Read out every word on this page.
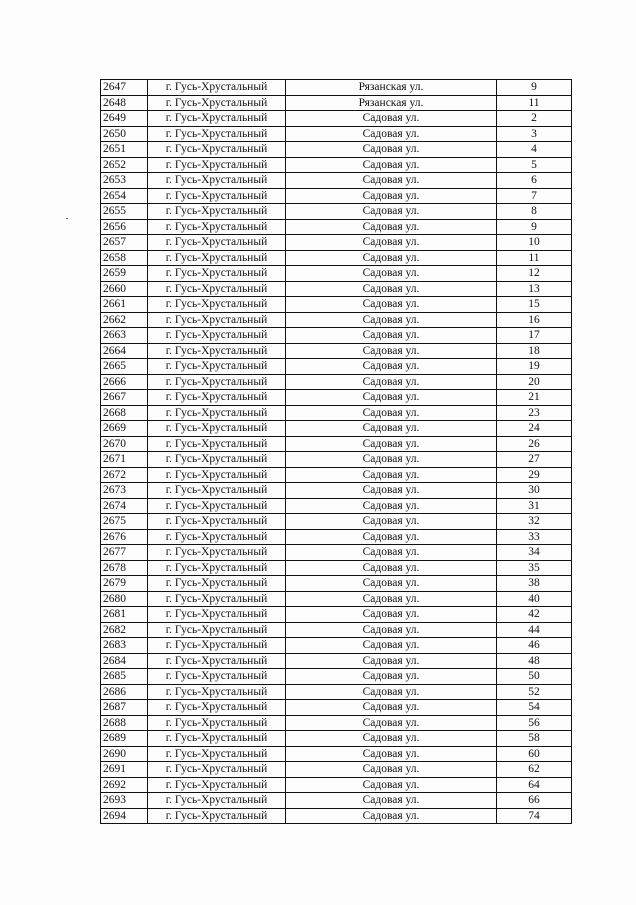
2647	г. Гусь-Хрустальный	Рязанская ул.	9
2648	г. Гусь-Хрустальный	Рязанская ул.	11
2649	г. Гусь-Хрустальный	Садовая ул.	2
2650	г. Гусь-Хрустальный	Садовая ул.	3
2651	г. Гусь-Хрустальный	Садовая ул.	4
2652	г. Гусь-Хрустальный	Садовая ул.	5
2653	г. Гусь-Хрустальный	Садовая ул.	6
2654	г. Гусь-Хрустальный	Садовая ул.	7
2655	г. Гусь-Хрустальный	Садовая ул.	8
2656	г. Гусь-Хрустальный	Садовая ул.	9
2657	г. Гусь-Хрустальный	Садовая ул.	10
2658	г. Гусь-Хрустальный	Садовая ул.	11
2659	г. Гусь-Хрустальный	Садовая ул.	12
2660	г. Гусь-Хрустальный	Садовая ул.	13
2661	г. Гусь-Хрустальный	Садовая ул.	15
2662	г. Гусь-Хрустальный	Садовая ул.	16
2663	г. Гусь-Хрустальный	Садовая ул.	17
2664	г. Гусь-Хрустальный	Садовая ул.	18
2665	г. Гусь-Хрустальный	Садовая ул.	19
2666	г. Гусь-Хрустальный	Садовая ул.	20
2667	г. Гусь-Хрустальный	Садовая ул.	21
2668	г. Гусь-Хрустальный	Садовая ул.	23
2669	г. Гусь-Хрустальный	Садовая ул.	24
2670	г. Гусь-Хрустальный	Садовая ул.	26
2671	г. Гусь-Хрустальный	Садовая ул.	27
2672	г. Гусь-Хрустальный	Садовая ул.	29
2673	г. Гусь-Хрустальный	Садовая ул.	30
2674	г. Гусь-Хрустальный	Садовая ул.	31
2675	г. Гусь-Хрустальный	Садовая ул.	32
2676	г. Гусь-Хрустальный	Садовая ул.	33
2677	г. Гусь-Хрустальный	Садовая ул.	34
2678	г. Гусь-Хрустальный	Садовая ул.	35
2679	г. Гусь-Хрустальный	Садовая ул.	38
2680	г. Гусь-Хрустальный	Садовая ул.	40
2681	г. Гусь-Хрустальный	Садовая ул.	42
2682	г. Гусь-Хрустальный	Садовая ул.	44
2683	г. Гусь-Хрустальный	Садовая ул.	46
2684	г. Гусь-Хрустальный	Садовая ул.	48
2685	г. Гусь-Хрустальный	Садовая ул.	50
2686	г. Гусь-Хрустальный	Садовая ул.	52
2687	г. Гусь-Хрустальный	Садовая ул.	54
2688	г. Гусь-Хрустальный	Садовая ул.	56
2689	г. Гусь-Хрустальный	Садовая ул.	58
2690	г. Гусь-Хрустальный	Садовая ул.	60
2691	г. Гусь-Хрустальный	Садовая ул.	62
2692	г. Гусь-Хрустальный	Садовая ул.	64
2693	г. Гусь-Хрустальный	Садовая ул.	66
2694	г. Гусь-Хрустальный	Садовая ул.	74
